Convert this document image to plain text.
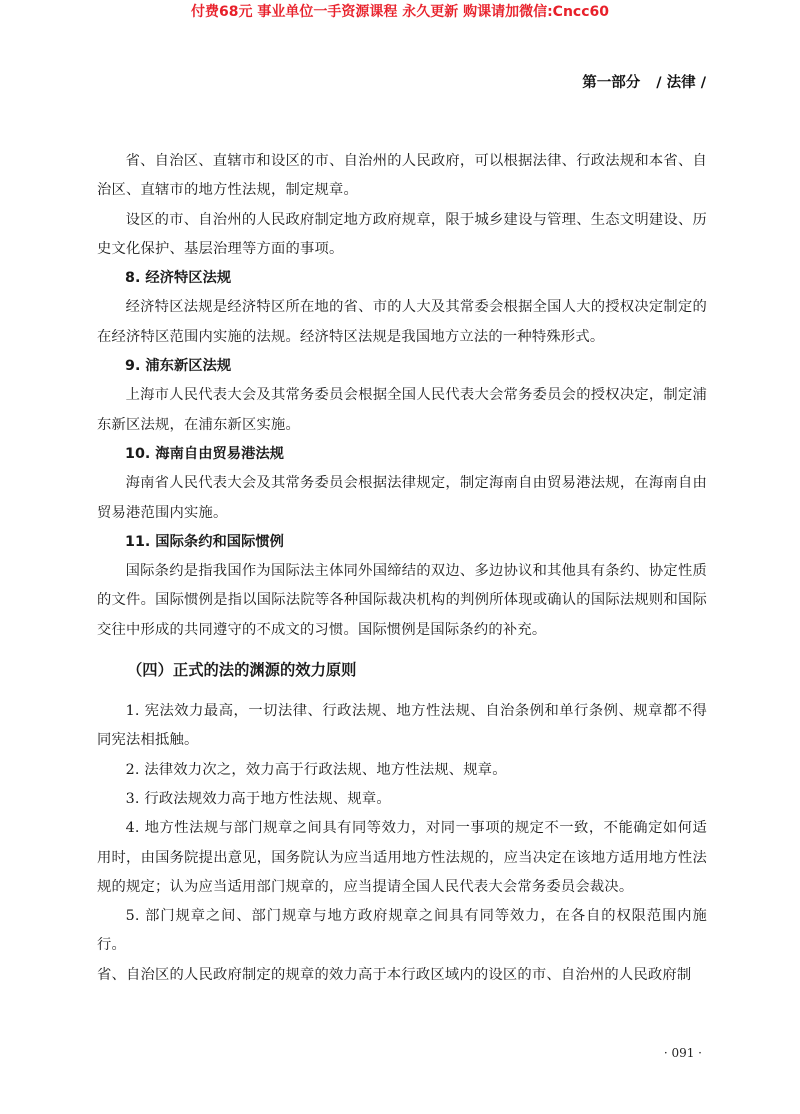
付费68元 事业单位一手资源课程 永久更新 购课请加微信:Cncc60
第一部分 / 法律 /

省、自治区、直辖市和设区的市、自治州的人民政府，可以根据法律、行政法规和本省、自治区、直辖市的地方性法规，制定规章。

设区的市、自治州的人民政府制定地方政府规章，限于城乡建设与管理、生态文明建设、历史文化保护、基层治理等方面的事项。

8. 经济特区法规

经济特区法规是经济特区所在地的省、市的人大及其常委会根据全国人大的授权决定制定的在经济特区范围内实施的法规。经济特区法规是我国地方立法的一种特殊形式。

9. 浦东新区法规

上海市人民代表大会及其常务委员会根据全国人民代表大会常务委员会的授权决定，制定浦东新区法规，在浦东新区实施。

10. 海南自由贸易港法规

海南省人民代表大会及其常务委员会根据法律规定，制定海南自由贸易港法规，在海南自由贸易港范围内实施。

11. 国际条约和国际惯例

国际条约是指我国作为国际法主体同外国缔结的双边、多边协议和其他具有条约、协定性质的文件。国际惯例是指以国际法院等各种国际裁决机构的判例所体现或确认的国际法规则和国际交往中形成的共同遵守的不成文的习惯。国际惯例是国际条约的补充。

（四）正式的法的渊源的效力原则

1. 宪法效力最高，一切法律、行政法规、地方性法规、自治条例和单行条例、规章都不得同宪法相抵触。

2. 法律效力次之，效力高于行政法规、地方性法规、规章。

3. 行政法规效力高于地方性法规、规章。

4. 地方性法规与部门规章之间具有同等效力，对同一事项的规定不一致，不能确定如何适用时，由国务院提出意见，国务院认为应当适用地方性法规的，应当决定在该地方适用地方性法规的规定；认为应当适用部门规章的，应当提请全国人民代表大会常务委员会裁决。

5. 部门规章之间、部门规章与地方政府规章之间具有同等效力，在各自的权限范围内施行。

省、自治区的人民政府制定的规章的效力高于本行政区域内的设区的市、自治州的人民政府制

· 091 ·
